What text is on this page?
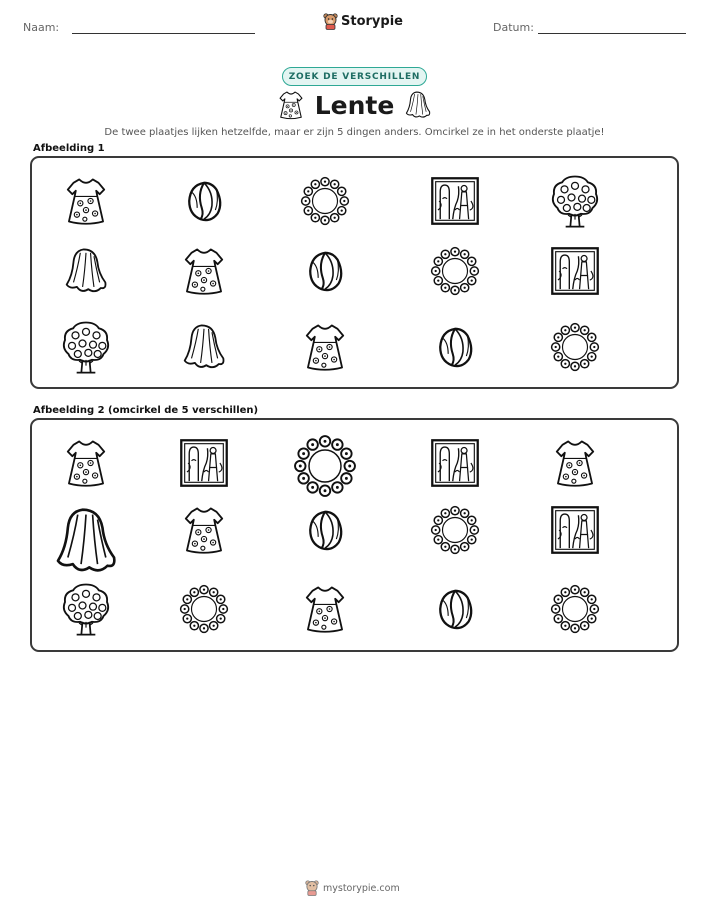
Naam:	Storypie	Datum:
ZOEK DE VERSCHILLEN
Lente
De twee plaatjes lijken hetzelfde, maar er zijn 5 dingen anders. Omcirkel ze in het onderste plaatje!
Afbeelding 1
Afbeelding 2 (omcirkel de 5 verschillen)
mystorypie.com
